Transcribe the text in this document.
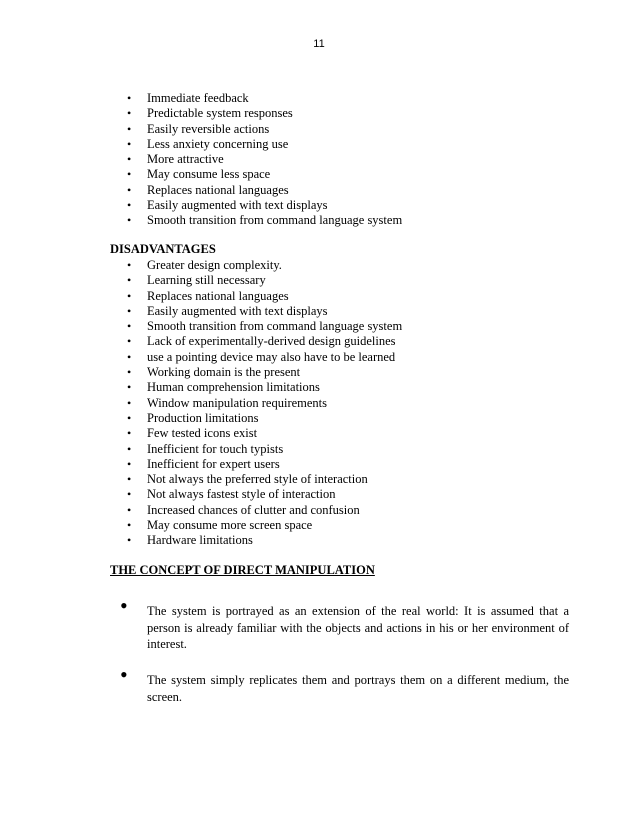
11
• Immediate feedback
• Predictable system responses
• Easily reversible actions
• Less anxiety concerning use
• More attractive
• May consume less space
• Replaces national languages
• Easily augmented with text displays
• Smooth transition from command language system
DISADVANTAGES
• Greater design complexity.
• Learning still necessary
• Replaces national languages
• Easily augmented with text displays
• Smooth transition from command language system
• Lack of experimentally-derived design guidelines
• use a pointing device may also have to be learned
• Working domain is the present
• Human comprehension limitations
• Window manipulation requirements
• Production limitations
• Few tested icons exist
• Inefficient for touch typists
• Inefficient for expert users
• Not always the preferred style of interaction
• Not always fastest style of interaction
• Increased chances of clutter and confusion
• May consume more screen space
• Hardware limitations
THE CONCEPT OF DIRECT MANIPULATION
• The system is portrayed as an extension of the real world: It is assumed that a person is already familiar with the objects and actions in his or her environment of interest.
• The system simply replicates them and portrays them on a different medium, the screen.
